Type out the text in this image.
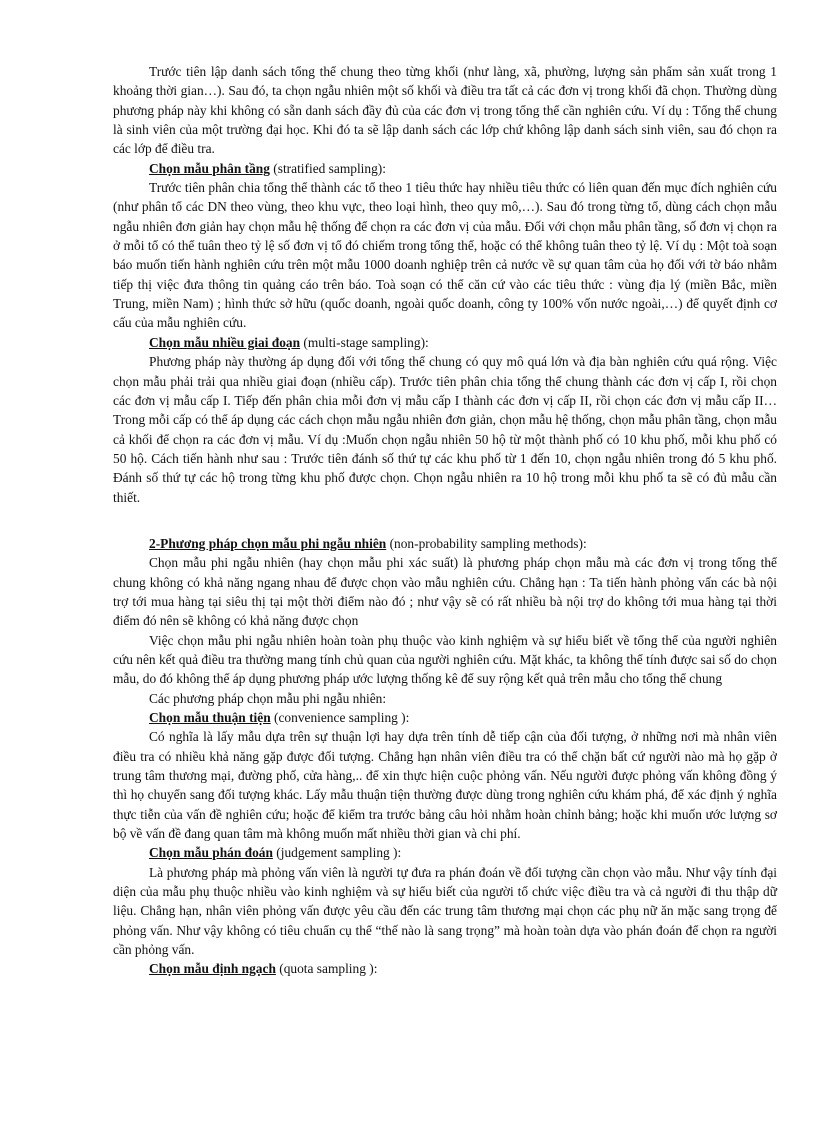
Trước tiên lập danh sách tổng thể chung theo từng khối (như làng, xã, phường, lượng sản phẩm sản xuất trong 1 khoảng thời gian…). Sau đó, ta chọn ngẫu nhiên một số khối và điều tra tất cả các đơn vị trong khối đã chọn. Thường dùng phương pháp này khi không có sẵn danh sách đầy đủ của các đơn vị trong tổng thể cần nghiên cứu. Ví dụ : Tổng thể chung là sinh viên của một trường đại học. Khi đó ta sẽ lập danh sách các lớp chứ không lập danh sách sinh viên, sau đó chọn ra các lớp để điều tra.

Chọn mẫu phân tầng (stratified sampling):

Trước tiên phân chia tổng thể thành các tổ theo 1 tiêu thức hay nhiều tiêu thức có liên quan đến mục đích nghiên cứu (như phân tổ các DN theo vùng, theo khu vực, theo loại hình, theo quy mô,…). Sau đó trong từng tổ, dùng cách chọn mẫu ngẫu nhiên đơn giản hay chọn mẫu hệ thống để chọn ra các đơn vị của mẫu. Đối với chọn mẫu phân tầng, số đơn vị chọn ra ở mỗi tổ có thể tuân theo tỷ lệ số đơn vị tổ đó chiếm trong tổng thể, hoặc có thể không tuân theo tỷ lệ. Ví dụ : Một toà soạn báo muốn tiến hành nghiên cứu trên một mẫu 1000 doanh nghiệp trên cả nước về sự quan tâm của họ đối với tờ báo nhằm tiếp thị việc đưa thông tin quảng cáo trên báo. Toà soạn có thể căn cứ vào các tiêu thức : vùng địa lý (miền Bắc, miền Trung, miền Nam) ; hình thức sở hữu (quốc doanh, ngoài quốc doanh, công ty 100% vốn nước ngoài,…) để quyết định cơ cấu của mẫu nghiên cứu.

Chọn mẫu nhiều giai đoạn (multi-stage sampling):

Phương pháp này thường áp dụng đối với tổng thể chung có quy mô quá lớn và địa bàn nghiên cứu quá rộng. Việc chọn mẫu phải trải qua nhiều giai đoạn (nhiều cấp). Trước tiên phân chia tổng thể chung thành các đơn vị cấp I, rồi chọn các đơn vị mẫu cấp I. Tiếp đến phân chia mỗi đơn vị mẫu cấp I thành các đơn vị cấp II, rồi chọn các đơn vị mẫu cấp II…Trong mỗi cấp có thể áp dụng các cách chọn mẫu ngẫu nhiên đơn giản, chọn mẫu hệ thống, chọn mẫu phân tầng, chọn mẫu cả khối để chọn ra các đơn vị mẫu. Ví dụ :Muốn chọn ngẫu nhiên 50 hộ từ một thành phố có 10 khu phố, mỗi khu phố có 50 hộ. Cách tiến hành như sau : Trước tiên đánh số thứ tự các khu phố từ 1 đến 10, chọn ngẫu nhiên trong đó 5 khu phố. Đánh số thứ tự các hộ trong từng khu phố được chọn. Chọn ngẫu nhiên ra 10 hộ trong mỗi khu phố ta sẽ có đủ mẫu cần thiết.

2-Phương pháp chọn mẫu phi ngẫu nhiên (non-probability sampling methods):

Chọn mẫu phi ngẫu nhiên (hay chọn mẫu phi xác suất) là phương pháp chọn mẫu mà các đơn vị trong tổng thể chung không có khả năng ngang nhau để được chọn vào mẫu nghiên cứu. Chẳng hạn : Ta tiến hành phỏng vấn các bà nội trợ tới mua hàng tại siêu thị tại một thời điểm nào đó ; như vậy sẽ có rất nhiều bà nội trợ do không tới mua hàng tại thời điểm đó nên sẽ không có khả năng được chọn

Việc chọn mẫu phi ngẫu nhiên hoàn toàn phụ thuộc vào kinh nghiệm và sự hiểu biết về tổng thể của người nghiên cứu nên kết quả điều tra thường mang tính chủ quan của người nghiên cứu. Mặt khác, ta không thể tính được sai số do chọn mẫu, do đó không thể áp dụng phương pháp ước lượng thống kê để suy rộng kết quả trên mẫu cho tổng thể chung

Các phương pháp chọn mẫu phi ngẫu nhiên:

Chọn mẫu thuận tiện (convenience sampling ):

Có nghĩa là lấy mẫu dựa trên sự thuận lợi hay dựa trên tính dễ tiếp cận của đối tượng, ở những nơi mà nhân viên điều tra có nhiều khả năng gặp được đối tượng. Chẳng hạn nhân viên điều tra có thể chặn bất cứ người nào mà họ gặp ở trung tâm thương mại, đường phố, cửa hàng,.. để xin thực hiện cuộc phỏng vấn. Nếu người được phỏng vấn không đồng ý thì họ chuyển sang đối tượng khác. Lấy mẫu thuận tiện thường được dùng trong nghiên cứu khám phá, để xác định ý nghĩa thực tiễn của vấn đề nghiên cứu; hoặc để kiểm tra trước bảng câu hỏi nhằm hoàn chỉnh bảng; hoặc khi muốn ước lượng sơ bộ về vấn đề đang quan tâm mà không muốn mất nhiều thời gian và chi phí.

Chọn mẫu phán đoán (judgement sampling ):

Là phương pháp mà phỏng vấn viên là người tự đưa ra phán đoán về đối tượng cần chọn vào mẫu. Như vậy tính đại diện của mẫu phụ thuộc nhiều vào kinh nghiệm và sự hiểu biết của người tổ chức việc điều tra và cả người đi thu thập dữ liệu. Chẳng hạn, nhân viên phỏng vấn được yêu cầu đến các trung tâm thương mại chọn các phụ nữ ăn mặc sang trọng để phỏng vấn. Như vậy không có tiêu chuẩn cụ thể “thế nào là sang trọng” mà hoàn toàn dựa vào phán đoán để chọn ra người cần phỏng vấn.

Chọn mẫu định ngạch (quota sampling ):
